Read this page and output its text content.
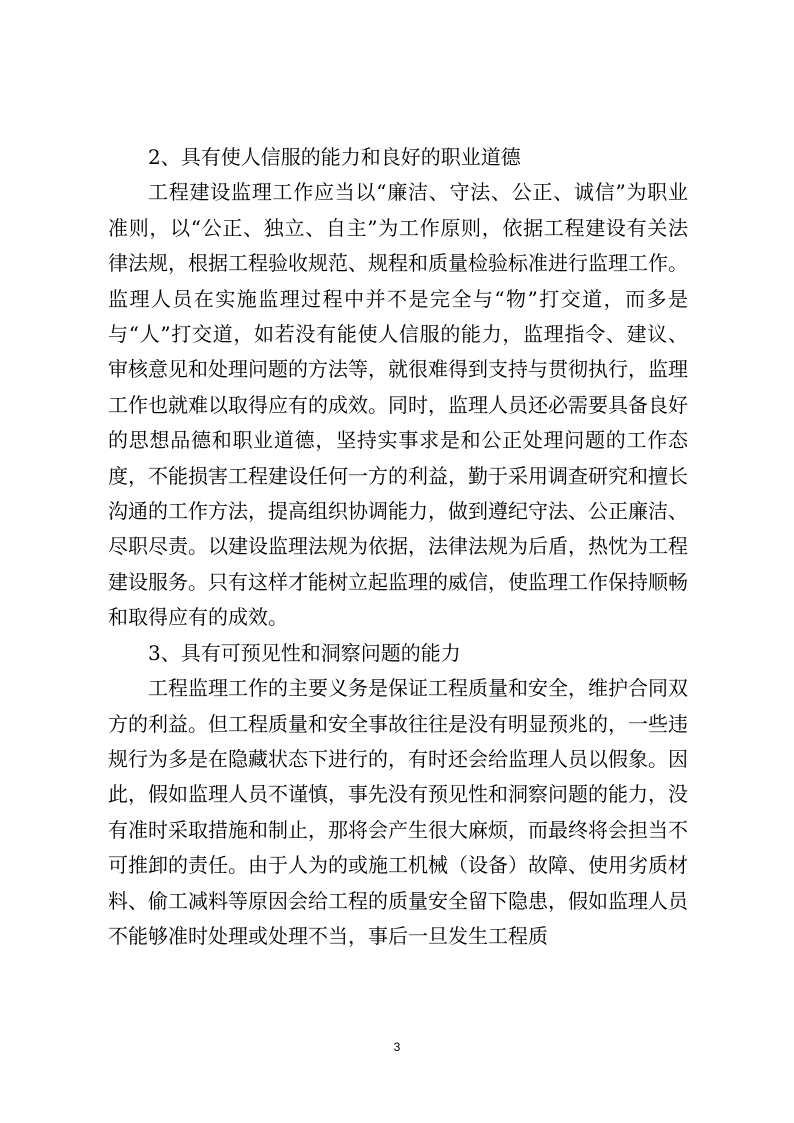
2、具有使人信服的能力和良好的职业道德

工程建设监理工作应当以“廉洁、守法、公正、诚信”为职业准则，以“公正、独立、自主”为工作原则，依据工程建设有关法律法规，根据工程验收规范、规程和质量检验标准进行监理工作。监理人员在实施监理过程中并不是完全与“物”打交道，而多是与“人”打交道，如若没有能使人信服的能力，监理指令、建议、审核意见和处理问题的方法等，就很难得到支持与贯彻执行，监理工作也就难以取得应有的成效。同时，监理人员还必需要具备良好的思想品德和职业道德，坚持实事求是和公正处理问题的工作态度，不能损害工程建设任何一方的利益，勤于采用调查研究和擅长沟通的工作方法，提高组织协调能力，做到遵纪守法、公正廉洁、尽职尽责。以建设监理法规为依据，法律法规为后盾，热忱为工程建设服务。只有这样才能树立起监理的威信，使监理工作保持顺畅和取得应有的成效。

3、具有可预见性和洞察问题的能力

工程监理工作的主要义务是保证工程质量和安全，维护合同双方的利益。但工程质量和安全事故往往是没有明显预兆的，一些违规行为多是在隐藏状态下进行的，有时还会给监理人员以假象。因此，假如监理人员不谨慎，事先没有预见性和洞察问题的能力，没有准时采取措施和制止，那将会产生很大麻烦，而最终将会担当不可推卸的责任。由于人为的或施工机械（设备）故障、使用劣质材料、偷工减料等原因会给工程的质量安全留下隐患，假如监理人员不能够准时处理或处理不当，事后一旦发生工程质

3
